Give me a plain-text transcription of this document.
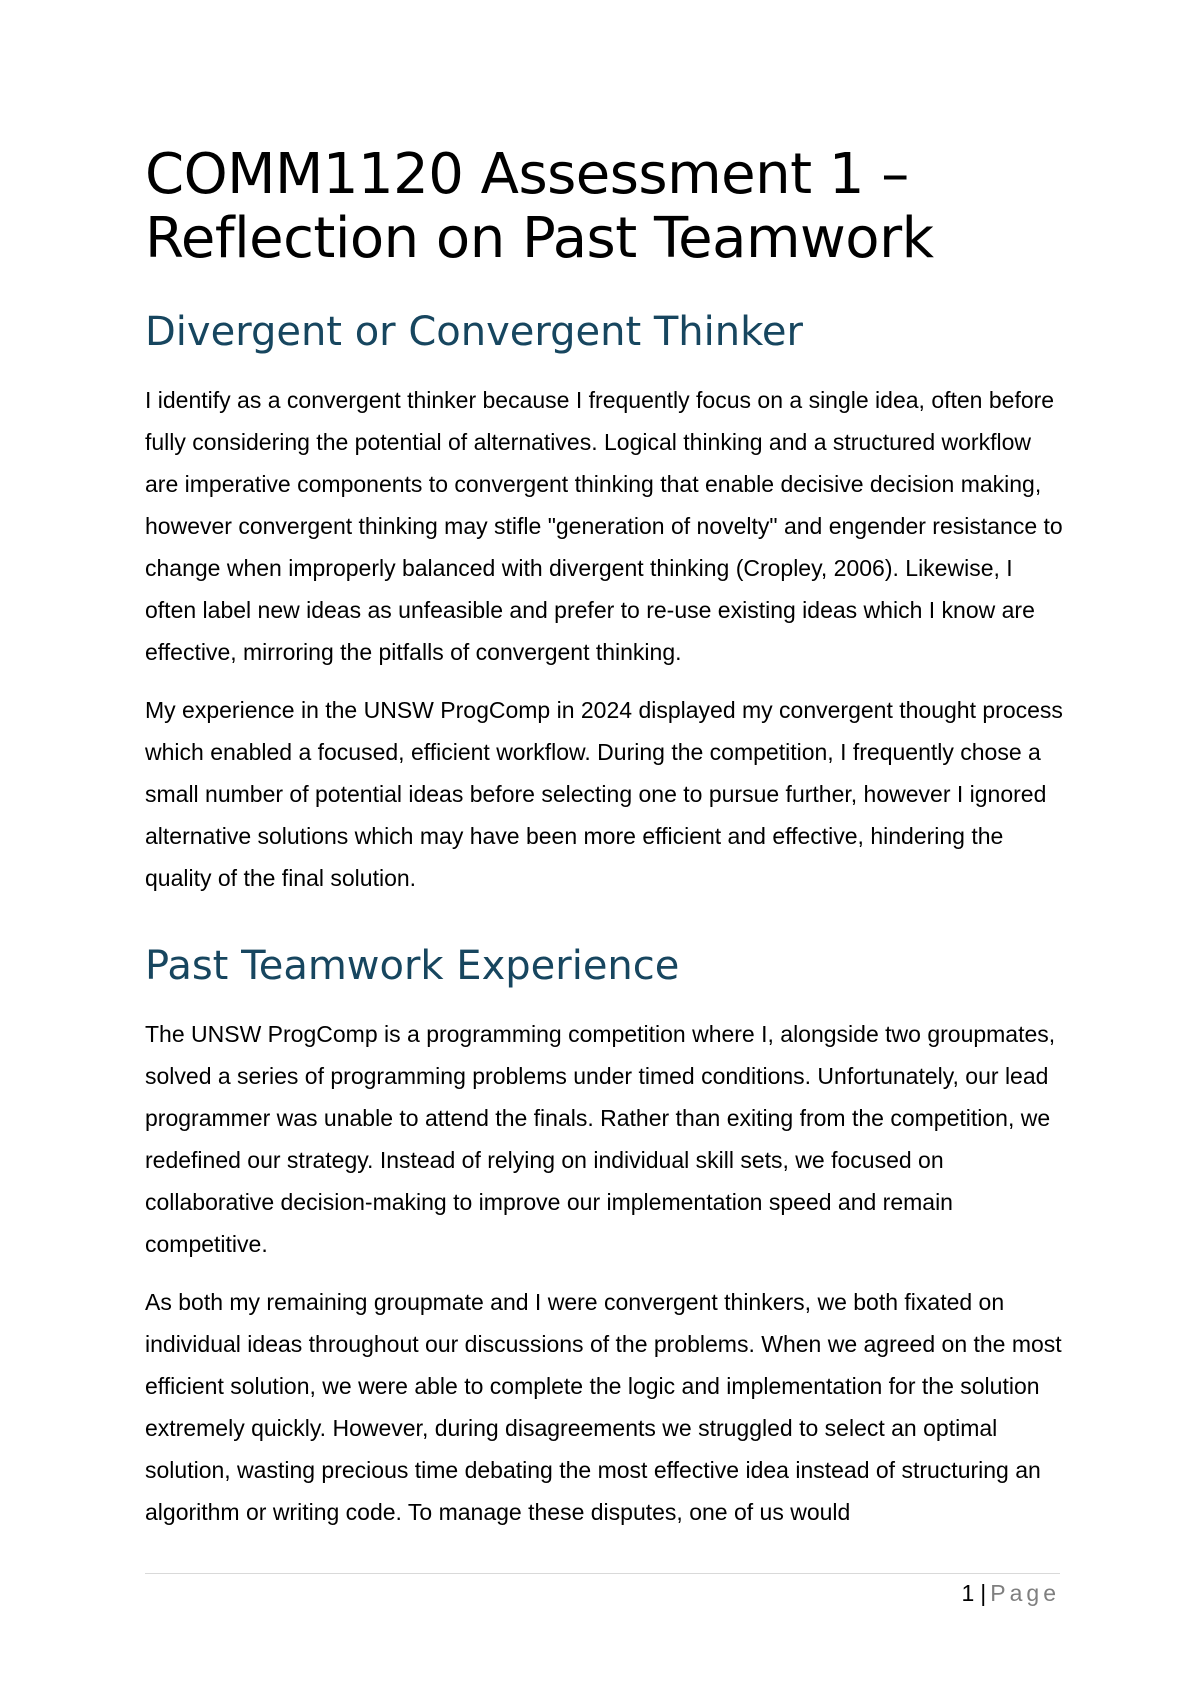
COMM1120 Assessment 1 – Reflection on Past Teamwork
Divergent or Convergent Thinker

I identify as a convergent thinker because I frequently focus on a single idea, often before fully considering the potential of alternatives. Logical thinking and a structured workflow are imperative components to convergent thinking that enable decisive decision making, however convergent thinking may stifle "generation of novelty" and engender resistance to change when improperly balanced with divergent thinking (Cropley, 2006). Likewise, I often label new ideas as unfeasible and prefer to re-use existing ideas which I know are effective, mirroring the pitfalls of convergent thinking.

My experience in the UNSW ProgComp in 2024 displayed my convergent thought process which enabled a focused, efficient workflow. During the competition, I frequently chose a small number of potential ideas before selecting one to pursue further, however I ignored alternative solutions which may have been more efficient and effective, hindering the quality of the final solution.

Past Teamwork Experience

The UNSW ProgComp is a programming competition where I, alongside two groupmates, solved a series of programming problems under timed conditions. Unfortunately, our lead programmer was unable to attend the finals. Rather than exiting from the competition, we redefined our strategy. Instead of relying on individual skill sets, we focused on collaborative decision-making to improve our implementation speed and remain competitive.

As both my remaining groupmate and I were convergent thinkers, we both fixated on individual ideas throughout our discussions of the problems. When we agreed on the most efficient solution, we were able to complete the logic and implementation for the solution extremely quickly. However, during disagreements we struggled to select an optimal solution, wasting precious time debating the most effective idea instead of structuring an algorithm or writing code. To manage these disputes, one of us would

1 | Page
